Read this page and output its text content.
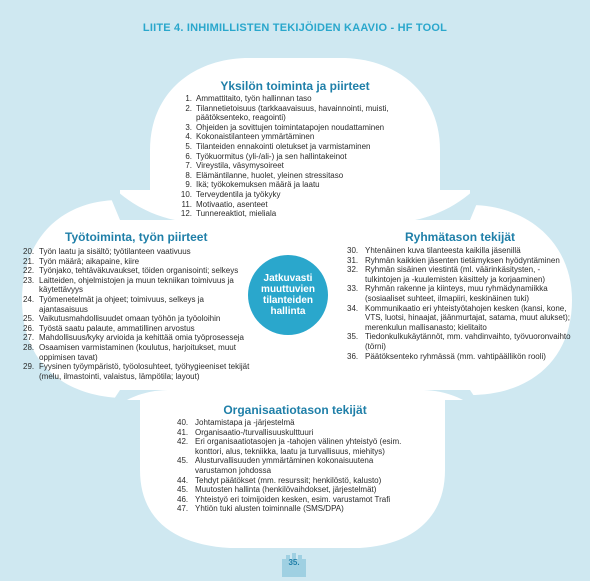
LIITE 4. INHIMILLISTEN TEKIJÖIDEN KAAVIO - HF TOOL
Yksilön toiminta ja piirteet
1. Ammattitaito, työn hallinnan taso
2. Tilannetietoisuus (tarkkaavaisuus, havainnointi, muisti, päätöksenteko, reagointi)
3. Ohjeiden ja sovittujen toimintatapojen noudattaminen
4. Kokonaistilanteen ymmärtäminen
5. Tilanteiden ennakointi oletukset ja varmistaminen
6. Työkuormitus (yli-/ali-) ja sen hallintakeinot
7. Vireystila, väsymysoireet
8. Elämäntilanne, huolet, yleinen stressitaso
9. Ikä; työkokemuksen määrä ja laatu
10. Terveydentila ja työkyky
11. Motivaatio, asenteet
12. Tunnereaktiot, mieliala
Työtoiminta, työn piirteet
20. Työn laatu ja sisältö; työtilanteen vaativuus
21. Työn määrä; aikapaine, kiire
22. Työnjako, tehtävä​kuvaukset, töiden organisointi; selkeys
23. Laitteiden, ohjelmistojen ja muun tekniikan toimivuus ja käytettävyys
24. Työmenetelmät ja ohjeet; toimivuus, selkeys ja ajantasaisuus
25. Vaikutusmahdollisuudet omaan työhön ja työoloihin
26. Työstä saatu palaute, ammatillinen arvostus
27. Mahdollisuus/kyky arvioida ja kehittää omia työprosesseja
28. Osaamisen varmistaminen (koulutus, harjoitukset, muut oppimisen tavat)
29. Fyysinen työympäristö, työolosuhteet, työhygieeniset tekijät (melu, ilmastointi, valaistus, lämpötila; layout)
Ryhmätason tekijät
30. Yhtenäinen kuva tilanteesta kaikilla jäsenillä
31. Ryhmän kaikkien jäsenten tietämyksen hyödyntäminen
32. Ryhmän sisäinen viestintä (ml. väärinkäsitysten, -tulkintojen ja -kuulemisten käsittely ja korjaaminen)
33. Ryhmän rakenne ja kiinteys, muu ryhmädynamiikka (sosiaaliset suhteet, ilmapiiri, keskinäinen tuki)
34. Kommunikaatio eri yhteistyötahojen kesken (kansi, kone, VTS, luotsi, hinaajat, jäänmurtajat, satama, muut alukset); merenkulun mallisanasto; kielitaito
35. Tiedonkulkukäytännöt, mm. vahdinvaihto, työvuoronvaihto (törni)
36. Päätöksenteko ryhmässä (mm. vahtipäällikön rooli)
Organisaatiotason tekijät
40. Johtamistapa ja -järjestelmä
41. Organisaatio-/turvallisuuskulttuuri
42. Eri organisaatiotasojen ja -tahojen välinen yhteistyö (esim. konttori, alus, tekniikka, laatu ja turvallisuus, miehitys)
45. Alusturvallisuuden ymmärtäminen kokonaisuutena varustamon johdossa
44. Tehdyt päätökset (mm. resurssit; henkilöstö, kalusto)
45. Muutosten hallinta (henkilövaihdokset, järjestelmät)
46. Yhteistyö eri toimijoiden kesken, esim. varustamot Trafi
47. Yhtiön tuki alusten toiminnalle (SMS/DPA)
Jatkuvasti
muuttuvien
tilanteiden
hallinta
35.
